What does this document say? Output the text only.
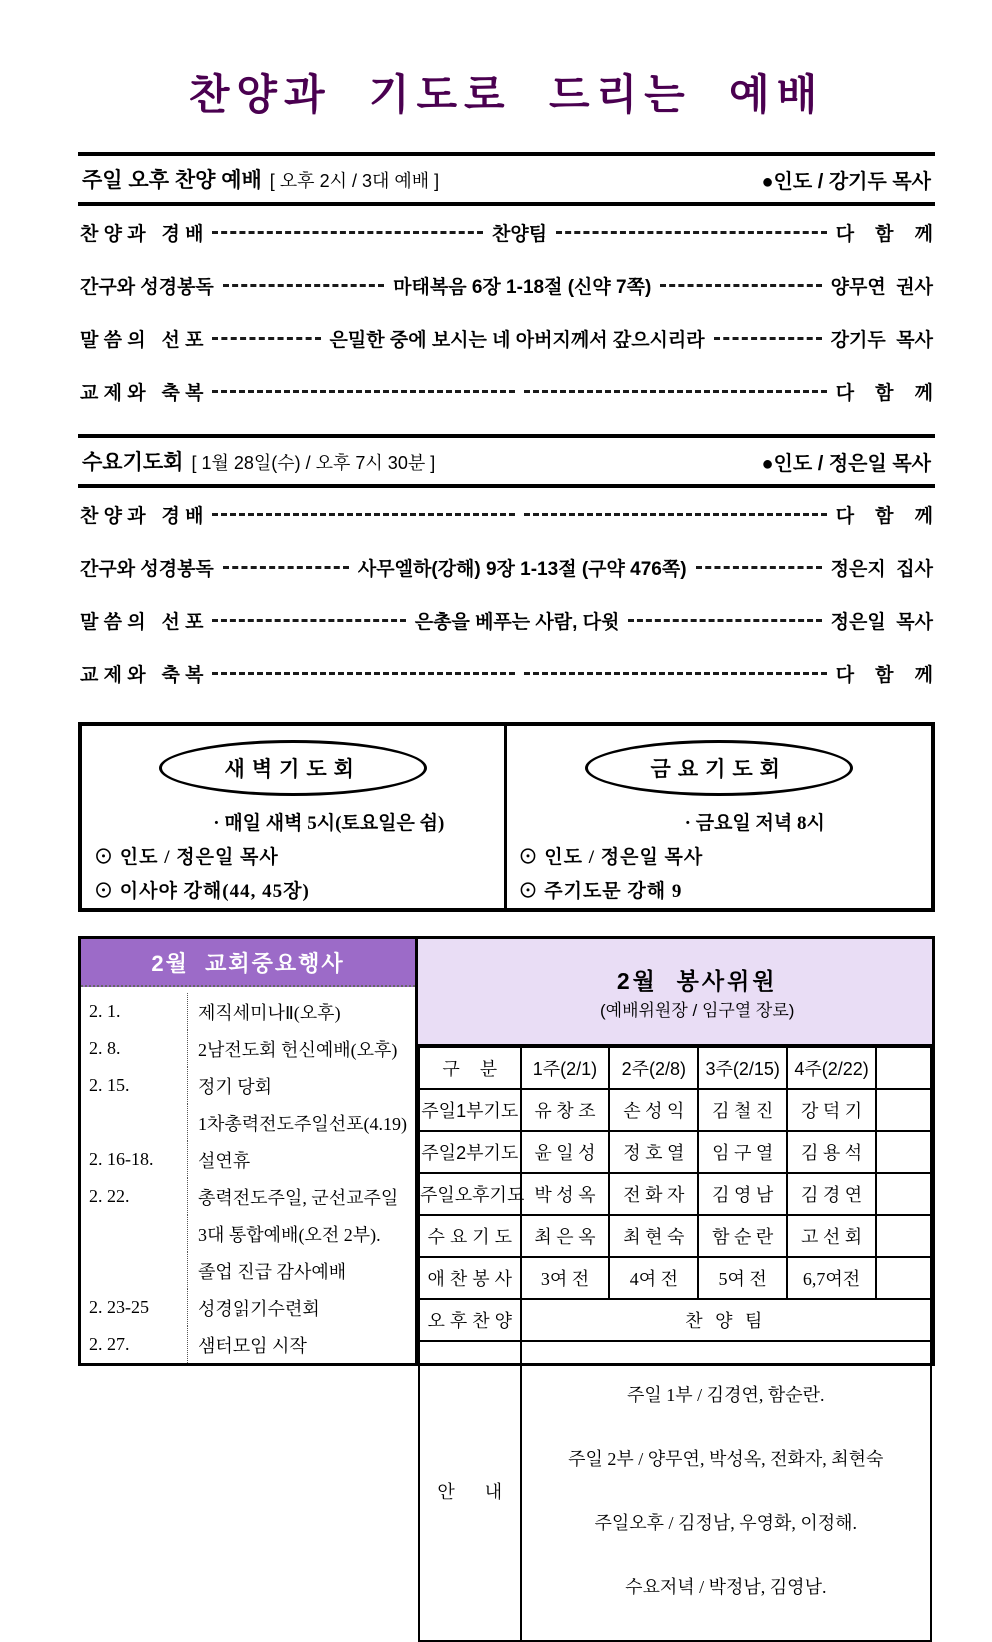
찬양과  기도로  드리는  예배
주일 오후 찬양 예배 [ 오후 2시 / 3대 예배 ]	●인도 / 강기두 목사
찬 양 과   경 배	찬양팀	다    함    께
간구와 성경봉독	마태복음 6장 1-18절 (신약 7쪽)	양무연  권사
말 씀 의   선 포	은밀한 중에 보시는 네 아버지께서 갚으시리라	강기두  목사
교 제 와   축 복	다    함    께
수요기도회 [ 1월 28일(수) / 오후 7시 30분 ]	●인도 / 정은일 목사
찬 양 과   경 배	다    함    께
간구와 성경봉독	사무엘하(강해) 9장 1-13절 (구약 476쪽)	정은지  집사
말 씀 의   선 포	은총을 베푸는 사람, 다윗	정은일  목사
교 제 와   축 복	다    함    께
새벽기도회
· 매일 새벽 5시(토요일은 쉼)
⊙ 인도 / 정은일 목사
⊙ 이사야 강해(44, 45장)
금요기도회
· 금요일 저녁 8시
⊙ 인도 / 정은일 목사
⊙ 주기도문 강해 9
2월  교회중요행사
2. 1.	제직세미나Ⅱ(오후)
2. 8.	2남전도회 헌신예배(오후)
2. 15.	정기 당회
1차총력전도주일선포(4.19)
2. 16-18.	설연휴
2. 22.	총력전도주일, 군선교주일
3대 통합예배(오전 2부).
졸업 진급 감사예배
2. 23-25	성경읽기수련회
2. 27.	샘터모임 시작

2월  봉사위원
(예배위원장 / 임구열 장로)

구    분	1주(2/1)	2주(2/8)	3주(2/15)	4주(2/22)	
주일1부기도	유 창 조	손 성 익	김 철 진	강 덕 기	
주일2부기도	윤 일 성	정 호 열	임 구 열	김 용 석	
주일오후기도	박 성 옥	전 화 자	김 영 남	김 경 연	
수 요 기 도	최 은 옥	최 현 숙	함 순 란	고 선 회	
애 찬 봉 사	3여 전	4여 전	5여 전	6,7여전	
오 후 찬 양	찬 양 팀				
안      내	주일 1부 / 김경연, 함순란.

주일 2부 / 양무연, 박성옥, 전화자, 최현숙

주일오후 / 김정남, 우영화, 이정해.

수요저녁 / 박정남, 김영남.				
